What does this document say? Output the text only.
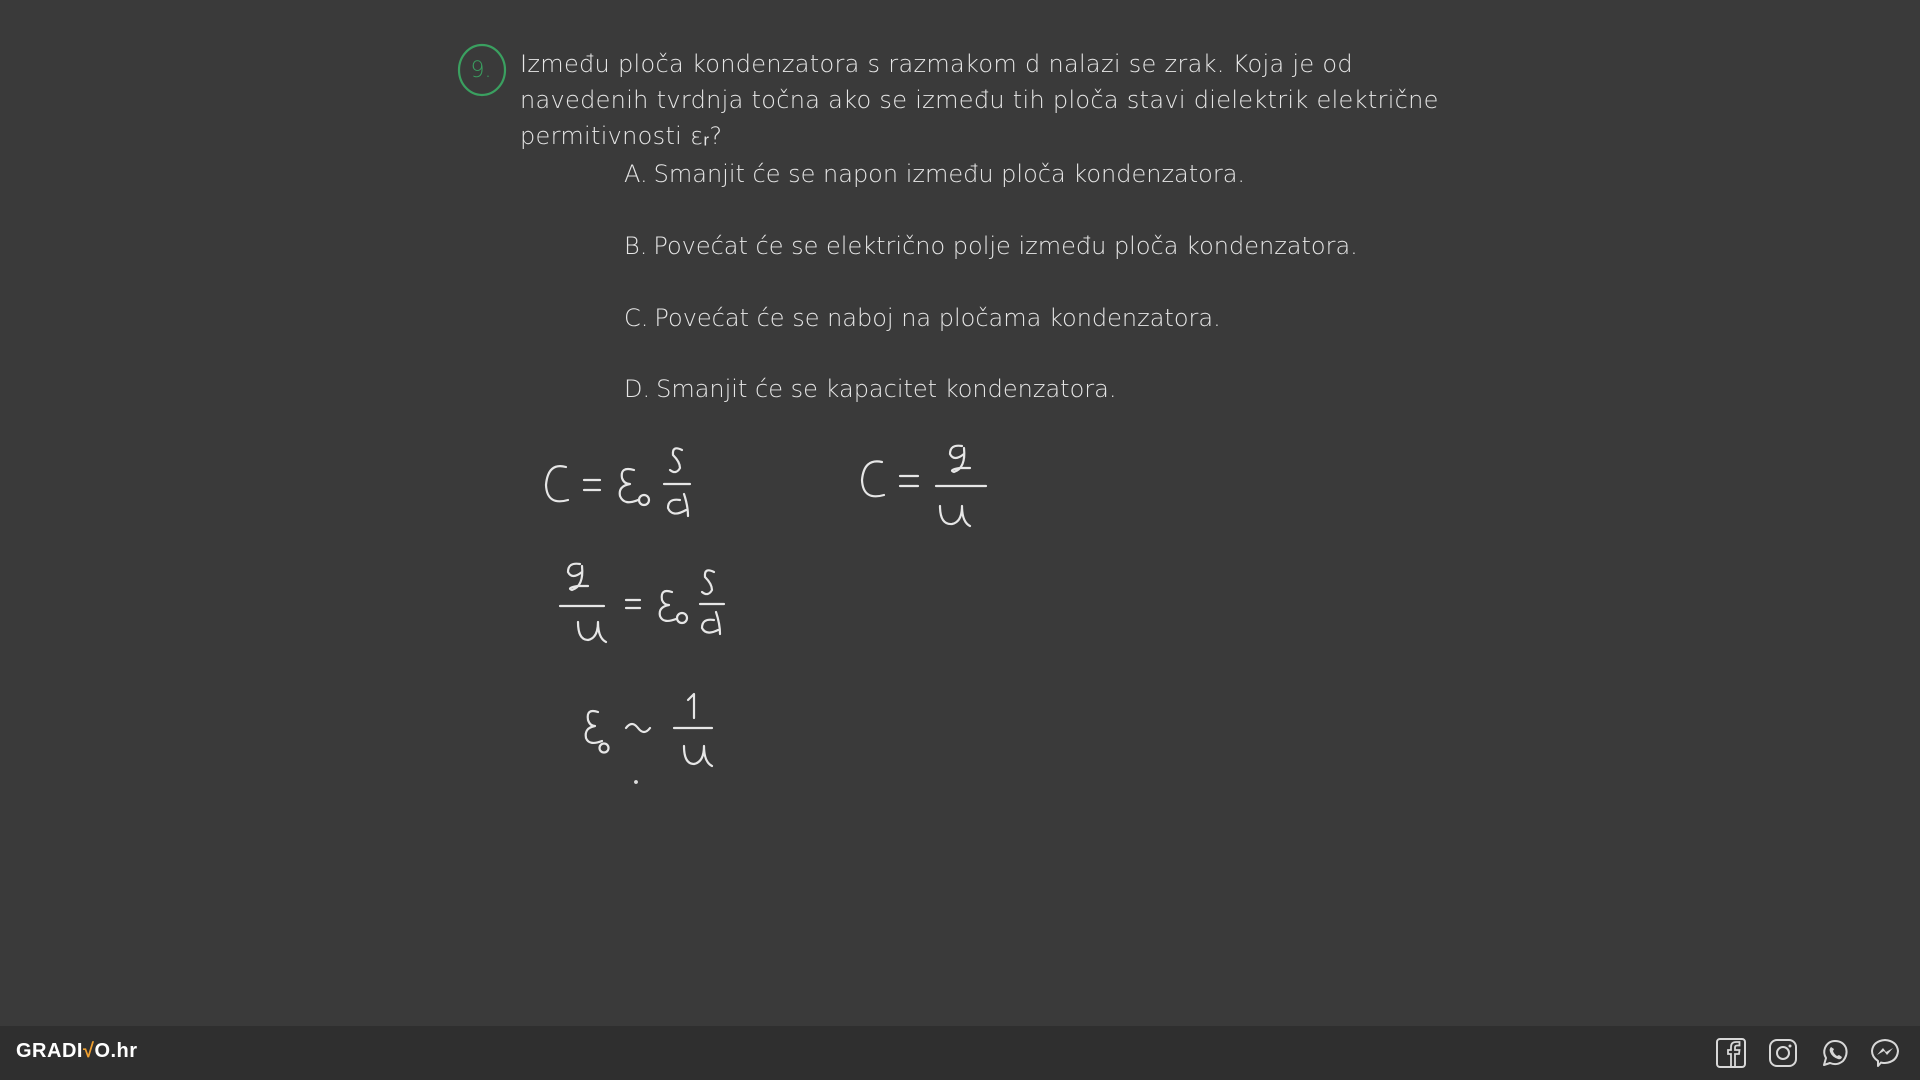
9. Između ploča kondenzatora s razmakom d nalazi se zrak. Koja je od navedenih tvrdnja točna ako se između tih ploča stavi dielektrik električne permitivnosti εᵣ?
A. Smanjit će se napon između ploča kondenzatora.
B. Povećat će se električno polje između ploča kondenzatora.
C. Povećat će se naboj na pločama kondenzatora.
D. Smanjit će se kapacitet kondenzatora.
GRADI√O.hr
